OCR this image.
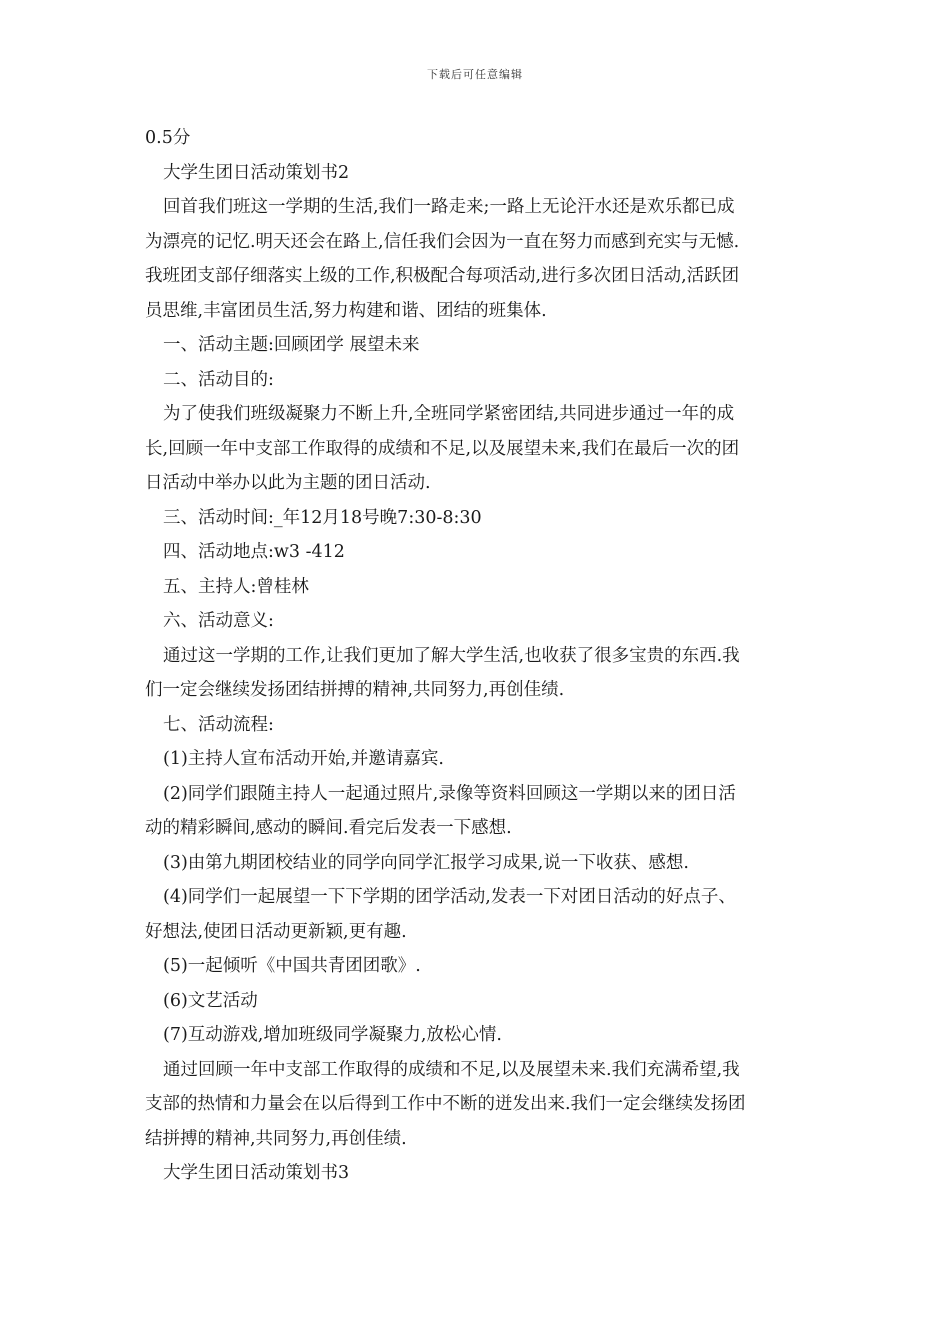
下载后可任意编辑
0.5分
大学生团日活动策划书2
回首我们班这一学期的生活,我们一路走来;一路上无论汗水还是欢乐都已成
为漂亮的记忆.明天还会在路上,信任我们会因为一直在努力而感到充实与无憾.
我班团支部仔细落实上级的工作,积极配合每项活动,进行多次团日活动,活跃团
员思维,丰富团员生活,努力构建和谐、团结的班集体.
一、活动主题:回顾团学 展望未来
二、活动目的:
为了使我们班级凝聚力不断上升,全班同学紧密团结,共同进步通过一年的成
长,回顾一年中支部工作取得的成绩和不足,以及展望未来,我们在最后一次的团
日活动中举办以此为主题的团日活动.
三、活动时间:_年12月18号晚7:30-8:30
四、活动地点:w3 -412
五、主持人:曾桂林
六、活动意义:
通过这一学期的工作,让我们更加了解大学生活,也收获了很多宝贵的东西.我
们一定会继续发扬团结拼搏的精神,共同努力,再创佳绩.
七、活动流程:
(1)主持人宣布活动开始,并邀请嘉宾.
(2)同学们跟随主持人一起通过照片,录像等资料回顾这一学期以来的团日活
动的精彩瞬间,感动的瞬间.看完后发表一下感想.
(3)由第九期团校结业的同学向同学汇报学习成果,说一下收获、感想.
(4)同学们一起展望一下下学期的团学活动,发表一下对团日活动的好点子、
好想法,使团日活动更新颖,更有趣.
(5)一起倾听《中国共青团团歌》.
(6)文艺活动
(7)互动游戏,增加班级同学凝聚力,放松心情.
通过回顾一年中支部工作取得的成绩和不足,以及展望未来.我们充满希望,我
支部的热情和力量会在以后得到工作中不断的迸发出来.我们一定会继续发扬团
结拼搏的精神,共同努力,再创佳绩.
大学生团日活动策划书3
